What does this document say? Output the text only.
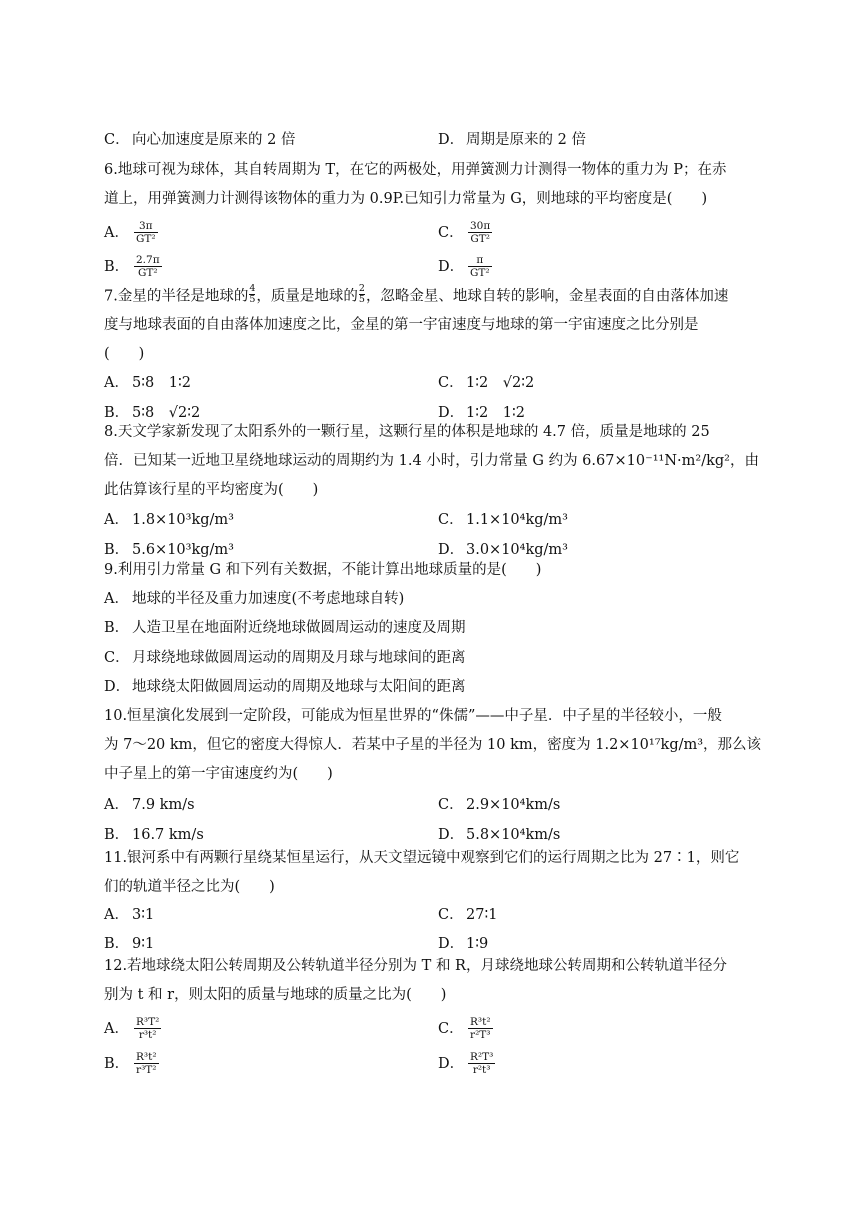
C． 向心加速度是原来的 2 倍	D． 周期是原来的 2 倍
6.地球可视为球体，其自转周期为 T，在它的两极处，用弹簧测力计测得一物体的重力为 P；在赤
道上，用弹簧测力计测得该物体的重力为 0.9P.已知引力常量为 G，则地球的平均密度是(　　)
A． $\frac{3\pi}{\text{GT²}}$	C． $\frac{30\pi}{\text{GT²}}$
B． $\frac{2.7\pi}{\text{GT²}}$	D． $\frac{\pi}{\text{GT²}}$
7.金星的半径是地球的 $\frac{4}{5}$ ，质量是地球的 $\frac{2}{5}$ ，忽略金星、地球自转的影响，金星表面的自由落体加速
度与地球表面的自由落体加速度之比，金星的第一宇宙速度与地球的第一宇宙速度之比分别是
(　　)
A． 5∶8　1∶2	C． 1∶2　√2∶2
B． 5∶8　√2∶2	D． 1∶2　1∶2
8.天文学家新发现了太阳系外的一颗行星，这颗行星的体积是地球的 4.7 倍，质量是地球的 25
倍．已知某一近地卫星绕地球运动的周期约为 1.4 小时，引力常量 G 约为 6.67×10⁻¹¹N·m²/kg²，由
此估算该行星的平均密度为(　　)
A． 1.8×10³kg/m³	C． 1.1×10⁴kg/m³
B． 5.6×10³kg/m³	D． 3.0×10⁴kg/m³
9.利用引力常量 G 和下列有关数据，不能计算出地球质量的是(　　)
A． 地球的半径及重力加速度(不考虑地球自转)
B． 人造卫星在地面附近绕地球做圆周运动的速度及周期
C． 月球绕地球做圆周运动的周期及月球与地球间的距离
D． 地球绕太阳做圆周运动的周期及地球与太阳间的距离
10.恒星演化发展到一定阶段，可能成为恒星世界的“侏儒”——中子星．中子星的半径较小，一般
为 7～20 km，但它的密度大得惊人．若某中子星的半径为 10 km，密度为 1.2×10¹⁷kg/m³，那么该
中子星上的第一宇宙速度约为(　　)
A． 7.9 km/s	C． 2.9×10⁴km/s
B． 16.7 km/s	D． 5.8×10⁴km/s
11.银河系中有两颗行星绕某恒星运行，从天文望远镜中观察到它们的运行周期之比为 27∶1，则它
们的轨道半径之比为(　　)
A． 3∶1	C． 27∶1
B． 9∶1	D． 1∶9
12.若地球绕太阳公转周期及公转轨道半径分别为 T 和 R，月球绕地球公转周期和公转轨道半径分
别为 t 和 r，则太阳的质量与地球的质量之比为(　　)
A． $\frac{\text{R³T²}}{\text{r³t²}}$	C． $\frac{\text{R³t²}}{\text{r²T³}}$
B． $\frac{\text{R³t²}}{\text{r³T²}}$	D． $\frac{\text{R²T³}}{\text{r²t³}}$
